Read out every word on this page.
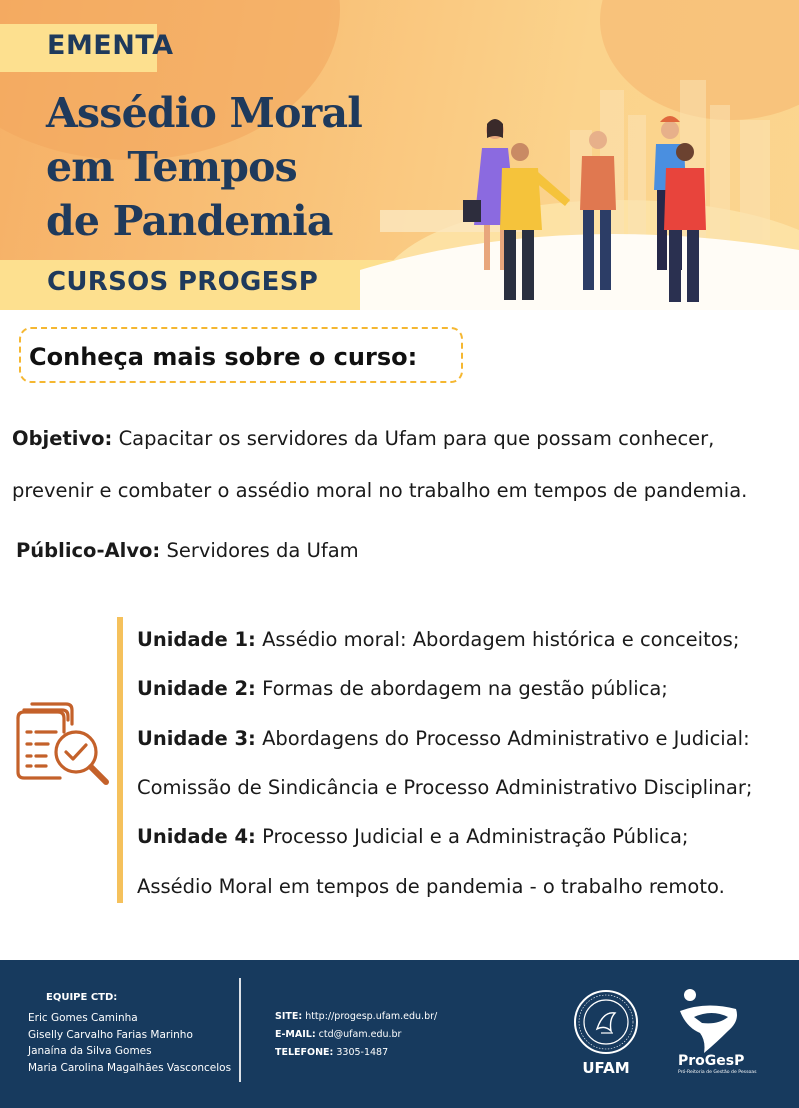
EMENTA
Assédio Moral
em Tempos
de Pandemia
CURSOS PROGESP
Conheça mais sobre o curso:
Objetivo: Capacitar os servidores da Ufam para que possam conhecer,
prevenir e combater o assédio moral no trabalho em tempos de pandemia.
Público-Alvo: Servidores da Ufam
Unidade 1: Assédio moral: Abordagem histórica e conceitos;
Unidade 2: Formas de abordagem na gestão pública;
Unidade 3: Abordagens do Processo Administrativo e Judicial:
Comissão de Sindicância e Processo Administrativo Disciplinar;
Unidade 4: Processo Judicial e a Administração Pública;
Assédio Moral em tempos de pandemia - o trabalho remoto.
EQUIPE CTD:
Eric Gomes Caminha
Giselly Carvalho Farias Marinho
Janaína da Silva Gomes
Maria Carolina Magalhães Vasconcelos
SITE: http://progesp.ufam.edu.br/
E-MAIL: ctd@ufam.edu.br
TELEFONE: 3305-1487
UFAM	ProGesP
Pró-Reitoria de Gestão de Pessoas
